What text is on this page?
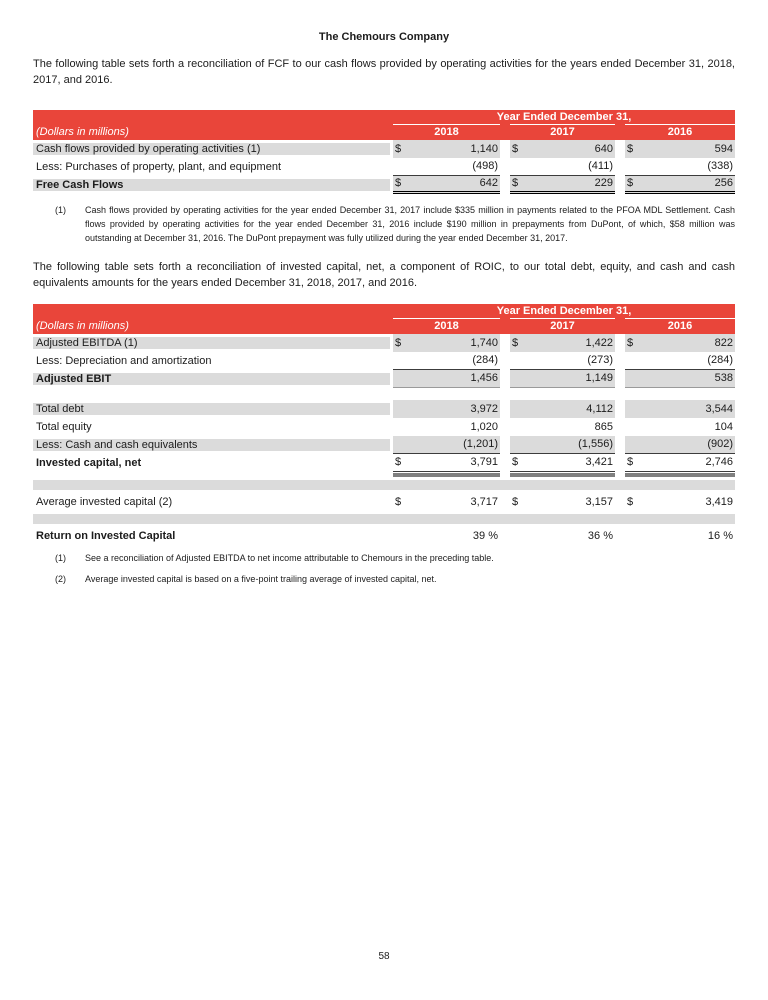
The Chemours Company
The following table sets forth a reconciliation of FCF to our cash flows provided by operating activities for the years ended December 31, 2018, 2017, and 2016.
Year Ended December 31,
(Dollars in millions)	2018	2017	2016
Cash flows provided by operating activities (1)	$	1,140 $	640 $	594
Less: Purchases of property, plant, and equipment	(498)	(411)	(338)
Free Cash Flows	$	642 $	229 $	256
(1)	Cash flows provided by operating activities for the year ended December 31, 2017 include $335 million in payments related to the PFOA MDL Settlement. Cash flows provided by operating activities for the year ended December 31, 2016 include $190 million in prepayments from DuPont, of which, $58 million was outstanding at December 31, 2016. The DuPont prepayment was fully utilized during the year ended December 31, 2017.
The following table sets forth a reconciliation of invested capital, net, a component of ROIC, to our total debt, equity, and cash and cash equivalents amounts for the years ended December 31, 2018, 2017, and 2016.
Year Ended December 31,
(Dollars in millions)	2018	2017	2016
Adjusted EBITDA (1)	$	1,740 $	1,422 $	822
Less: Depreciation and amortization	(284)	(273)	(284)
Adjusted EBIT	1,456	1,149	538
Total debt	3,972	4,112	3,544
Total equity	1,020	865	104
Less: Cash and cash equivalents	(1,201)	(1,556)	(902)
Invested capital, net	$	3,791 $	3,421 $	2,746
Average invested capital (2)	$	3,717 $	3,157 $	3,419
Return on Invested Capital	39 %	36 %	16 %
(1)	See a reconciliation of Adjusted EBITDA to net income attributable to Chemours in the preceding table.
(2)	Average invested capital is based on a five-point trailing average of invested capital, net.
58
